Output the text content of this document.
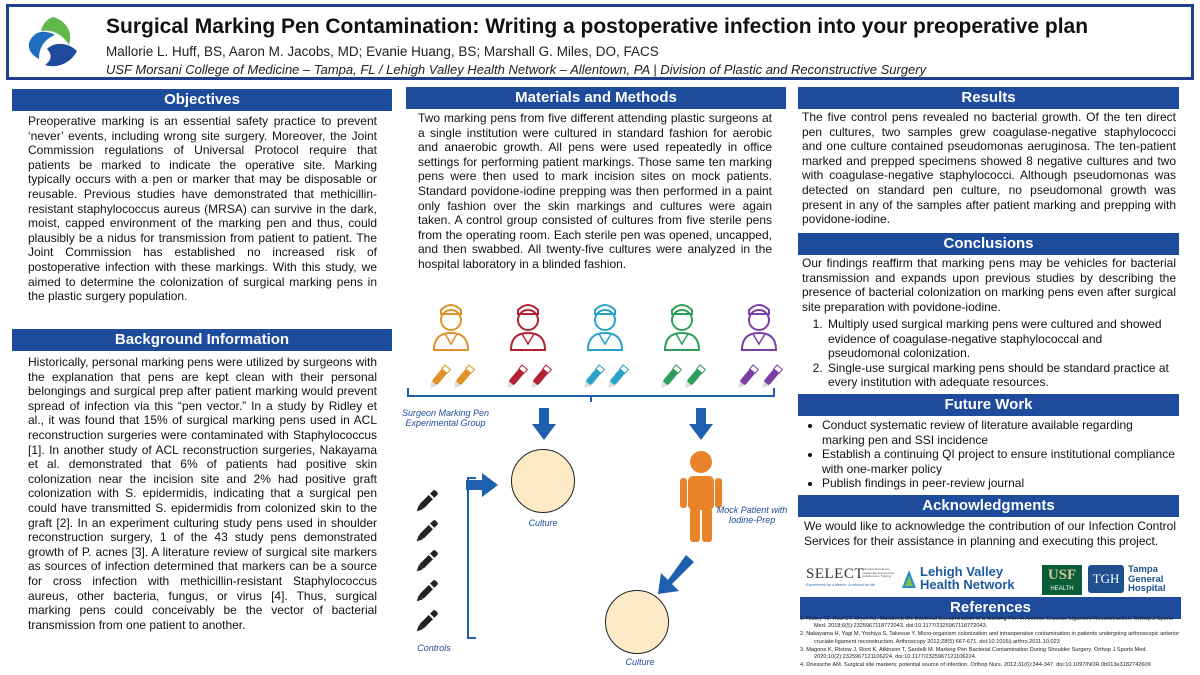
Surgical Marking Pen Contamination: Writing a postoperative infection into your preoperative plan
Mallorie L. Huff, BS, Aaron M. Jacobs, MD; Evanie Huang, BS; Marshall G. Miles, DO, FACS
USF Morsani College of Medicine – Tampa, FL / Lehigh Valley Health Network – Allentown, PA | Division of Plastic and Reconstructive Surgery
Objectives
Preoperative marking is an essential safety practice to prevent ‘never’ events, including wrong site surgery. Moreover, the Joint Commission regulations of Universal Protocol require that patients be marked to indicate the operative site. Marking typically occurs with a pen or marker that may be disposable or reusable. Previous studies have demonstrated that methicillin-resistant staphylococcus aureus (MRSA) can survive in the dark, moist, capped environment of the marking pen and thus, could plausibly be a nidus for transmission from patient to patient. The Joint Commission has established no increased risk of postoperative infection with these markings. With this study, we aimed to determine the colonization of surgical marking pens in the plastic surgery population.
Background Information
Historically, personal marking pens were utilized by surgeons with the explanation that pens are kept clean with their personal belongings and surgical prep after patient marking would prevent spread of infection via this “pen vector.” In a study by Ridley et al., it was found that 15% of surgical marking pens used in ACL reconstruction surgeries were contaminated with Staphylococcus [1]. In another study of ACL reconstruction surgeries, Nakayama et al. demonstrated that 6% of patients had positive skin colonization near the incision site and 2% had positive graft colonization with S. epidermidis, indicating that a surgical pen could have transmitted S. epidermidis from colonized skin to the graft [2]. In an experiment culturing study pens used in shoulder reconstruction surgery, 1 of the 43 study pens demonstrated growth of P. acnes [3]. A literature review of surgical site markers as sources of infection determined that markers can be a source for cross infection with methicillin-resistant Staphylococcus aureus, other bacteria, fungus, or virus [4]. Thus, surgical marking pens could conceivably be the vector of bacterial transmission from one patient to another.
Materials and Methods
Two marking pens from five different attending plastic surgeons at a single institution were cultured in standard fashion for aerobic and anaerobic growth. All pens were used repeatedly in office settings for performing patient markings. Those same ten marking pens were then used to mark incision sites on mock patients. Standard povidone-iodine prepping was then performed in a paint only fashion over the skin markings and cultures were again taken. A control group consisted of cultures from five sterile pens from the operating room. Each sterile pen was opened, uncapped, and then swabbed. All twenty-five cultures were analyzed in the hospital laboratory in a blinded fashion.
Surgeon Marking Pen Experimental Group
Culture
Mock Patient with Iodine-Prep
Culture
Controls
Results
The five control pens revealed no bacterial growth. Of the ten direct pen cultures, two samples grew coagulase-negative staphylococci and one culture contained pseudomonas aeruginosa. The ten-patient marked and prepped specimens showed 8 negative cultures and two with coagulase-negative staphylococci. Although pseudomonas was detected on standard pen culture, no pseudomonal growth was present in any of the samples after patient marking and prepping with povidone-iodine.
Conclusions
Our findings reaffirm that marking pens may be vehicles for bacterial transmission and expands upon previous studies by describing the presence of bacterial colonization on marking pens even after surgical site preparation with povidone-iodine.
1. Multiply used surgical marking pens were cultured and showed evidence of coagulase-negative staphylococcal and pseudomonal colonization.
2. Single-use surgical marking pens should be standard practice at every institution with adequate resources.
Future Work
• Conduct systematic review of literature available regarding marking pen and SSI incidence
• Establish a continuing QI project to ensure institutional compliance with one-marker policy
• Publish findings in peer-review journal
Acknowledgments
We would like to acknowledge the contribution of our Infection Control Services for their assistance in planning and executing this project.
SELECT
Scholarly Excellence, Leadership Experiences, Collaborative Training
Experiences for a lifetime. A network for life.
Lehigh Valley
Health Network
USF
HEALTH
TGH
Tampa
General
Hospital
References
1. Ridley TJ, Rud CT, Krych AJ, Macalena JA. Bacterial Contamination of a Marking Pen in Anterior Cruciate Ligament Reconstruction. Orthop J Sports Med. 2018;6(5):2325967118772043. doi:10.1177/2325967118772043.
2. Nakayama H, Yagi M, Yoshiya S, Takesue Y. Micro-organism colonization and intraoperative contamination in patients undergoing arthroscopic anterior cruciate ligament reconstruction. Arthroscopy 2012;28(5):667-671. doi:10.1016/j.arthro.2011.10.023
3. Magone K, Ristow J, Root K, Atkinson T, Sardelli M. Marking Pen Bacterial Contamination During Shoulder Surgery. Orthop J Sports Med. 2020;10(2):2325967121106224. doi:10.1177/2325967121106224.
4. Driessche AM. Surgical site markers: potential source of infection. Orthop Nurs. 2012;31(6):344-347. doi:10.1097/NOR.0b013e3182742609
